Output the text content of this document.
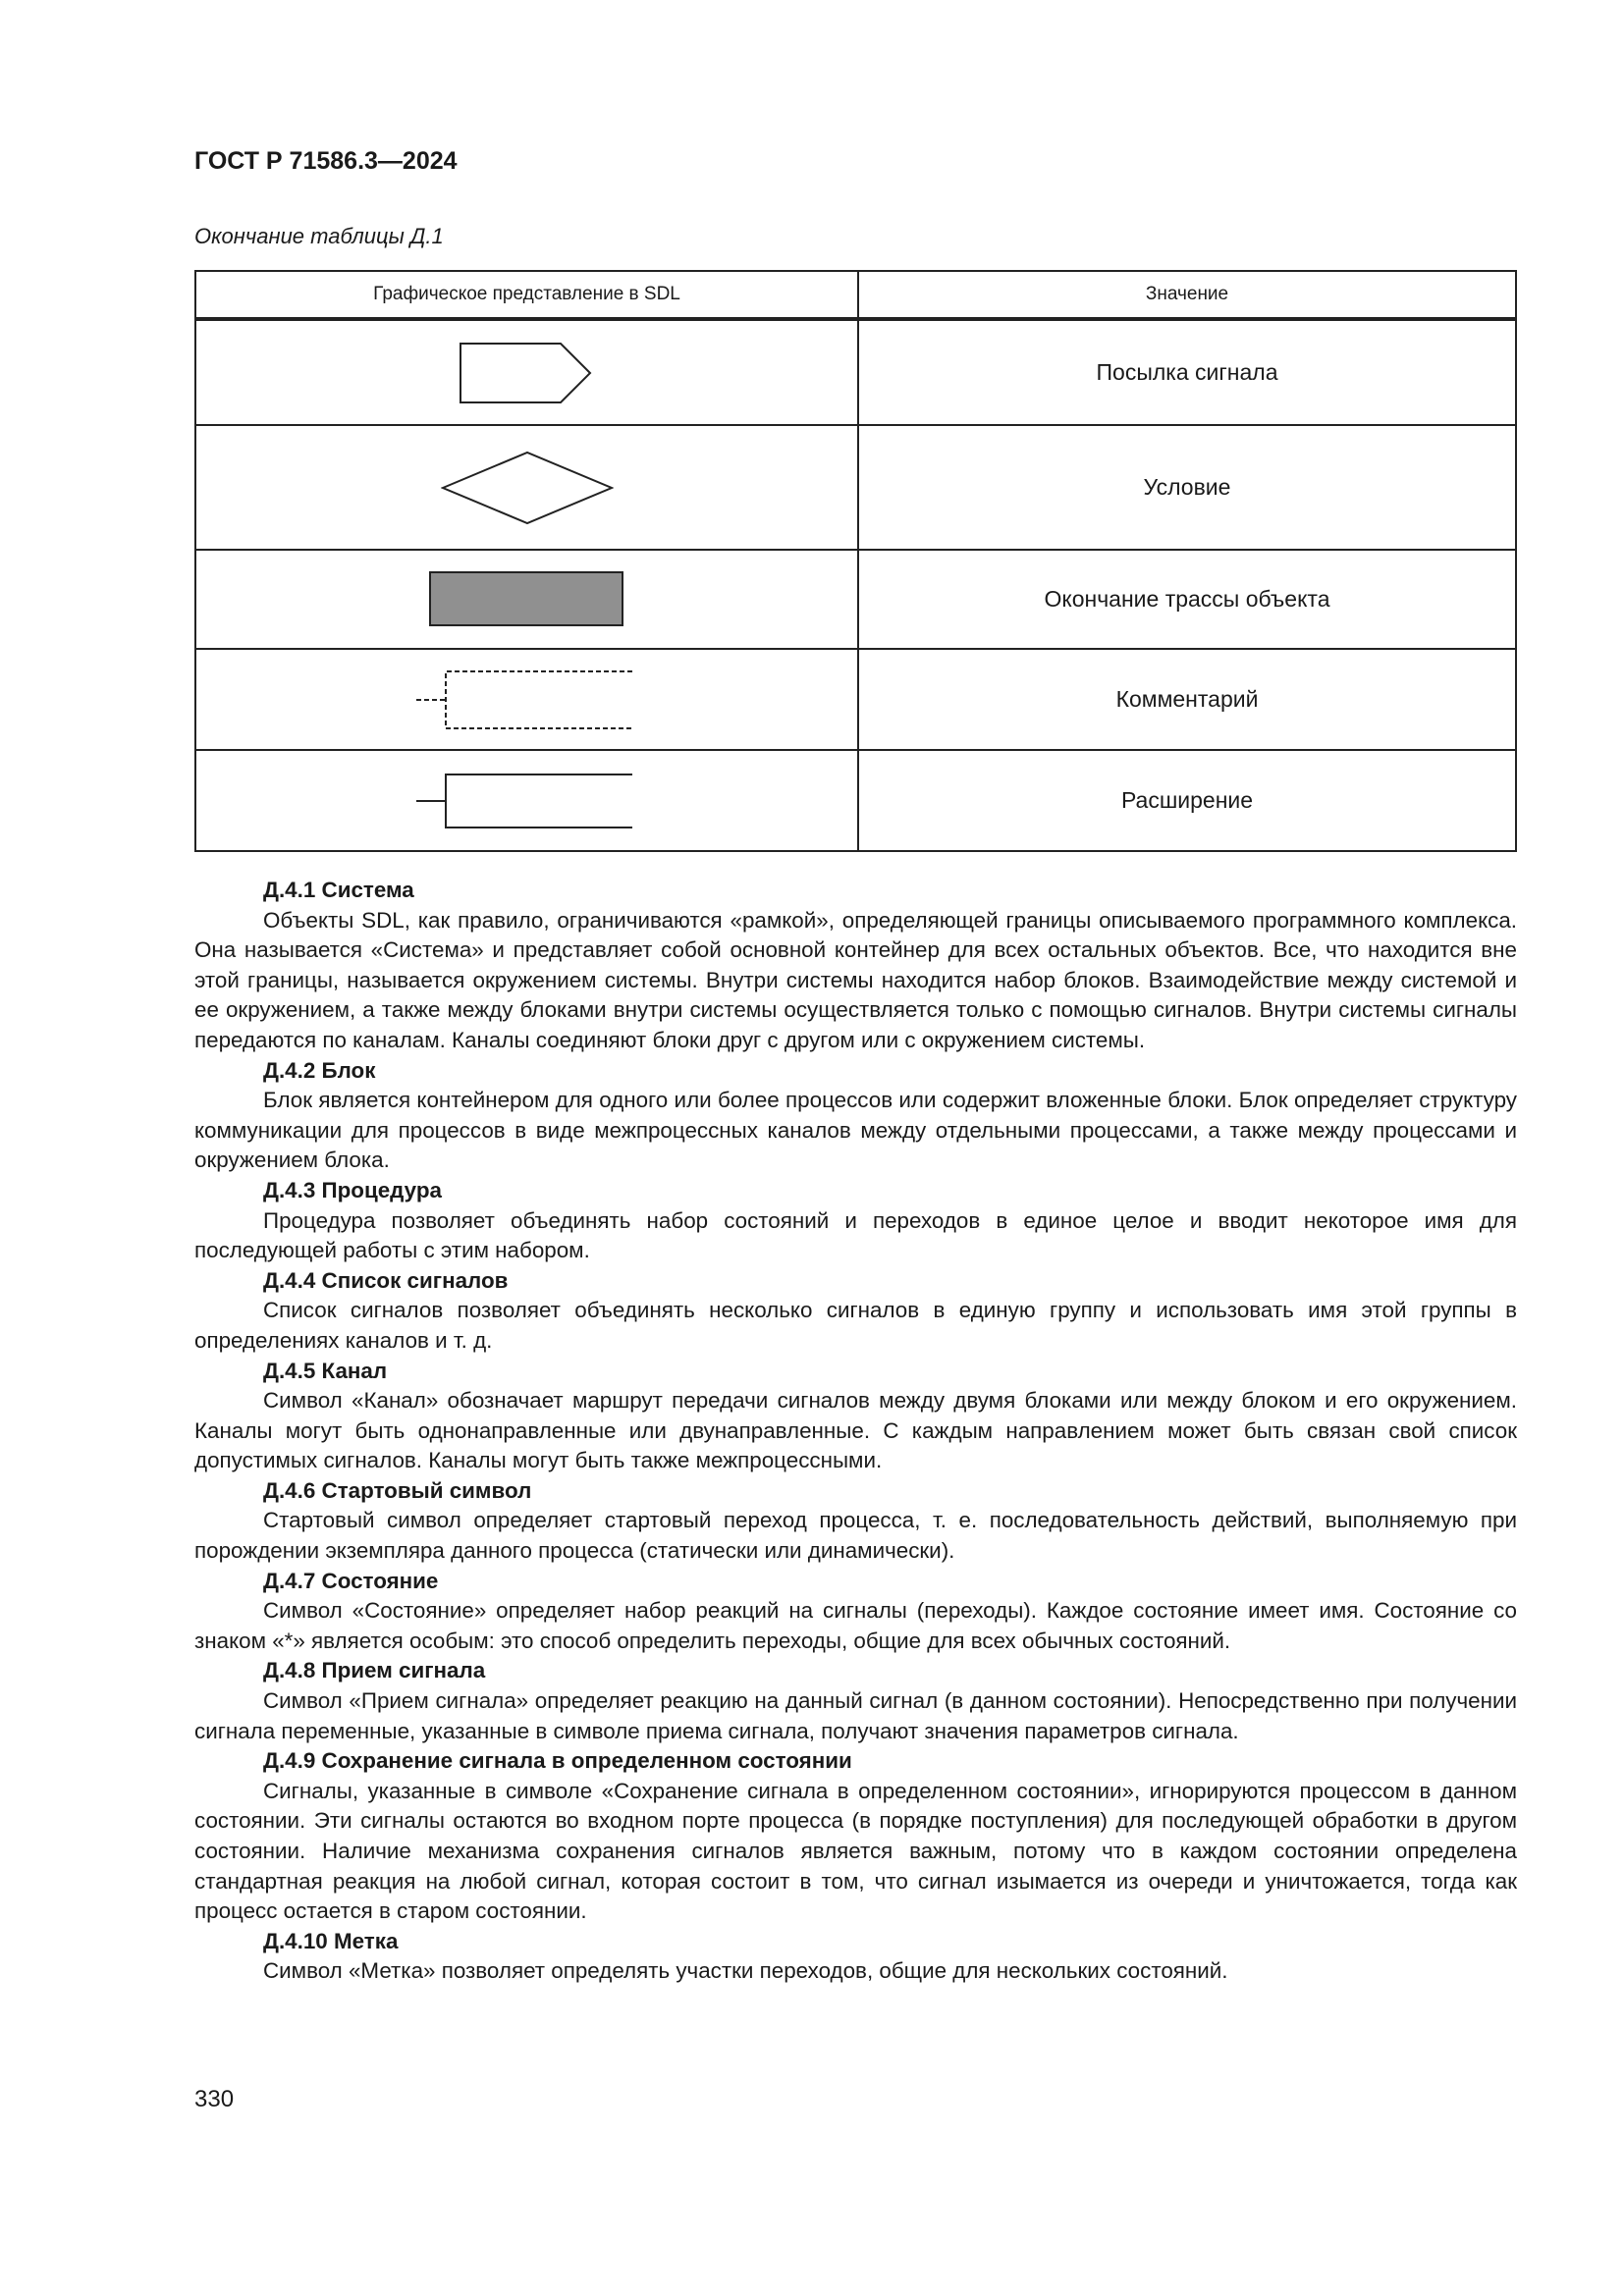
ГОСТ Р 71586.3—2024
Окончание таблицы Д.1
Графическое представление в SDL	Значение

	Посылка сигнала

	Условие

	Окончание трассы объекта

	Комментарий

	Расширение
Д.4.1 Система

Объекты SDL, как правило, ограничиваются «рамкой», определяющей границы описываемого программного комплекса. Она называется «Система» и представляет собой основной контейнер для всех остальных объектов. Все, что находится вне этой границы, называется окружением системы. Внутри системы находится набор блоков. Взаимодействие между системой и ее окружением, а также между блоками внутри системы осуществляется только с помощью сигналов. Внутри системы сигналы передаются по каналам. Каналы соединяют блоки друг с другом или с окружением системы.

Д.4.2 Блок

Блок является контейнером для одного или более процессов или содержит вложенные блоки. Блок определяет структуру коммуникации для процессов в виде межпроцессных каналов между отдельными процессами, а также между процессами и окружением блока.

Д.4.3 Процедура

Процедура позволяет объединять набор состояний и переходов в единое целое и вводит некоторое имя для последующей работы с этим набором.

Д.4.4 Список сигналов

Список сигналов позволяет объединять несколько сигналов в единую группу и использовать имя этой группы в определениях каналов и т. д.

Д.4.5 Канал

Символ «Канал» обозначает маршрут передачи сигналов между двумя блоками или между блоком и его окружением. Каналы могут быть однонаправленные или двунаправленные. С каждым направлением может быть связан свой список допустимых сигналов. Каналы могут быть также межпроцессными.

Д.4.6 Стартовый символ

Стартовый символ определяет стартовый переход процесса, т. е. последовательность действий, выполняемую при порождении экземпляра данного процесса (статически или динамически).

Д.4.7 Состояние

Символ «Состояние» определяет набор реакций на сигналы (переходы). Каждое состояние имеет имя. Состояние со знаком «*» является особым: это способ определить переходы, общие для всех обычных состояний.

Д.4.8 Прием сигнала

Символ «Прием сигнала» определяет реакцию на данный сигнал (в данном состоянии). Непосредственно при получении сигнала переменные, указанные в символе приема сигнала, получают значения параметров сигнала.

Д.4.9 Сохранение сигнала в определенном состоянии

Сигналы, указанные в символе «Сохранение сигнала в определенном состоянии», игнорируются процессом в данном состоянии. Эти сигналы остаются во входном порте процесса (в порядке поступления) для последующей обработки в другом состоянии. Наличие механизма сохранения сигналов является важным, потому что в каждом состоянии определена стандартная реакция на любой сигнал, которая состоит в том, что сигнал изымается из очереди и уничтожается, тогда как процесс остается в старом состоянии.

Д.4.10 Метка

Символ «Метка» позволяет определять участки переходов, общие для нескольких состояний.

330
